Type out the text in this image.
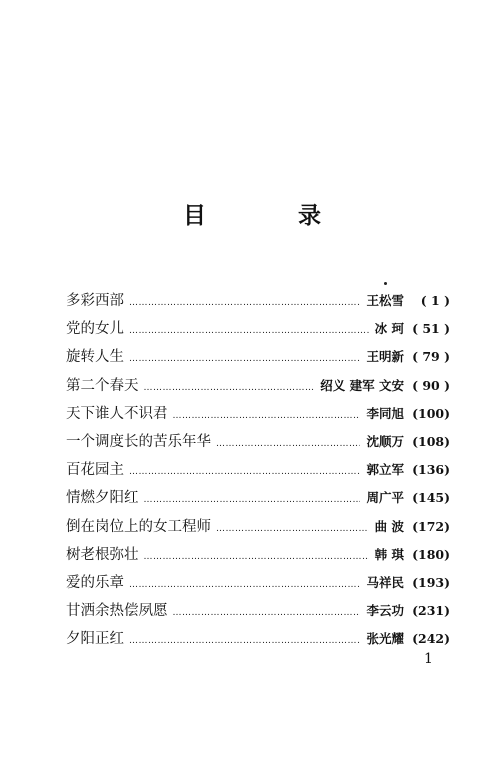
目 录
多彩西部 ……………………………………………………………………………………………………	王松雪	( 1 )
党的女儿 ……………………………………………………………………………………………………	冰 珂 ( 51 )
旋转人生 ……………………………………………………………………………………………………	王明新 ( 79 )
第二个春天 ……………………………………………………………………………………………………	绍义 建军 文安 ( 90 )
天下谁人不识君 ……………………………………………………………………………………………………	李同旭 (100)
一个调度长的苦乐年华 ……………………………………………………………………………………………………	沈顺万 (108)
百花园主 ……………………………………………………………………………………………………	郭立军 (136)
情燃夕阳红 ……………………………………………………………………………………………………	周广平 (145)
倒在岗位上的女工程师 ……………………………………………………………………………………………………	曲 波 (172)
树老根弥壮 ……………………………………………………………………………………………………	韩 琪 (180)
爱的乐章 ……………………………………………………………………………………………………	马祥民 (193)
甘洒余热偿夙愿 ……………………………………………………………………………………………………	李云功 (231)
夕阳正红 ……………………………………………………………………………………………………	张光耀 (242)
1
